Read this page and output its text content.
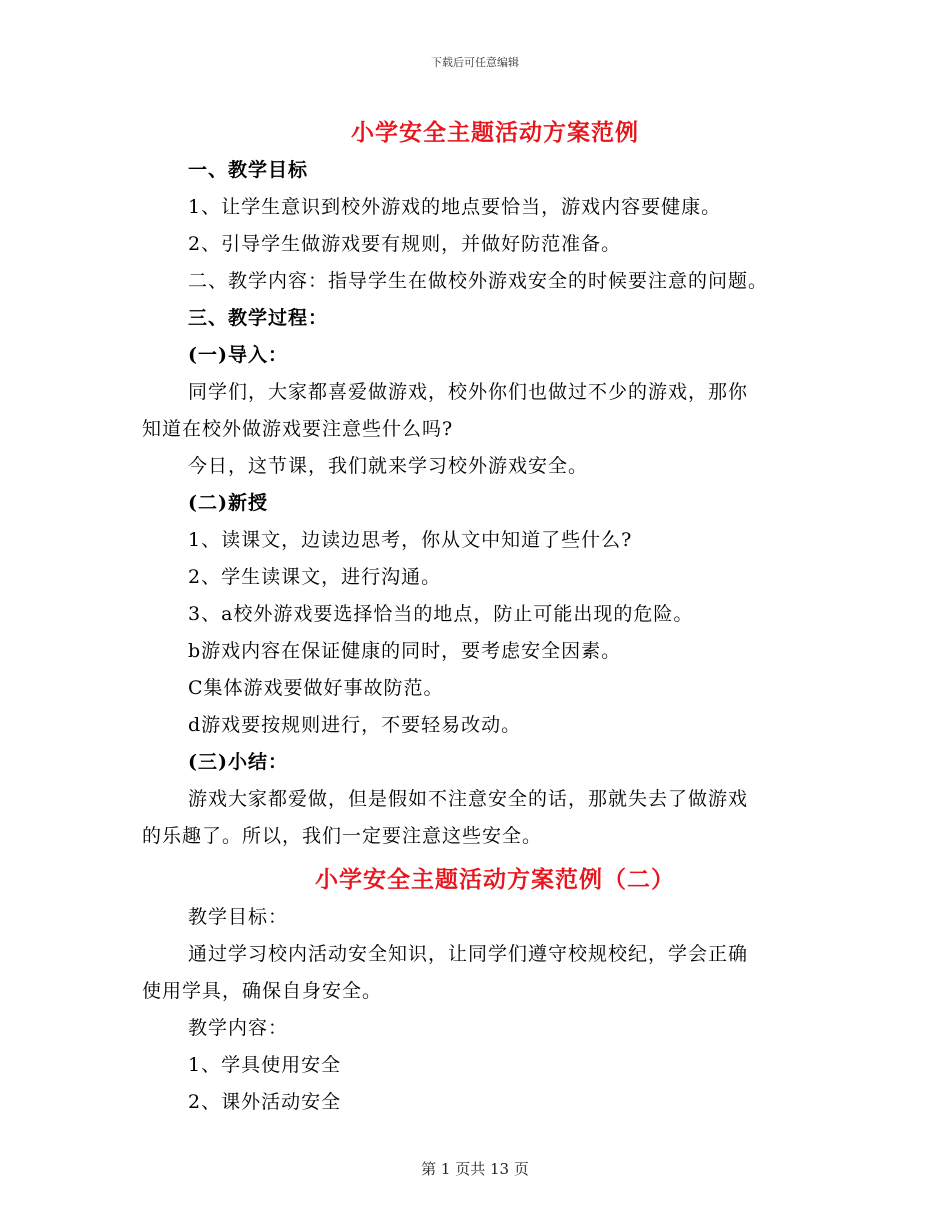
下载后可任意编辑
小学安全主题活动方案范例
一、教学目标
1、让学生意识到校外游戏的地点要恰当，游戏内容要健康。
2、引导学生做游戏要有规则，并做好防范准备。
二、教学内容：指导学生在做校外游戏安全的时候要注意的问题。
三、教学过程：
(一)导入：
同学们，大家都喜爱做游戏，校外你们也做过不少的游戏，那你
知道在校外做游戏要注意些什么吗?
今日，这节课，我们就来学习校外游戏安全。
(二)新授
1、读课文，边读边思考，你从文中知道了些什么?
2、学生读课文，进行沟通。
3、a校外游戏要选择恰当的地点，防止可能出现的危险。
b游戏内容在保证健康的同时，要考虑安全因素。
C集体游戏要做好事故防范。
d游戏要按规则进行，不要轻易改动。
(三)小结：
游戏大家都爱做，但是假如不注意安全的话，那就失去了做游戏
的乐趣了。所以，我们一定要注意这些安全。
小学安全主题活动方案范例（二）
教学目标：
通过学习校内活动安全知识，让同学们遵守校规校纪，学会正确
使用学具，确保自身安全。
教学内容：
1、学具使用安全
2、课外活动安全
第 1 页共 13 页
